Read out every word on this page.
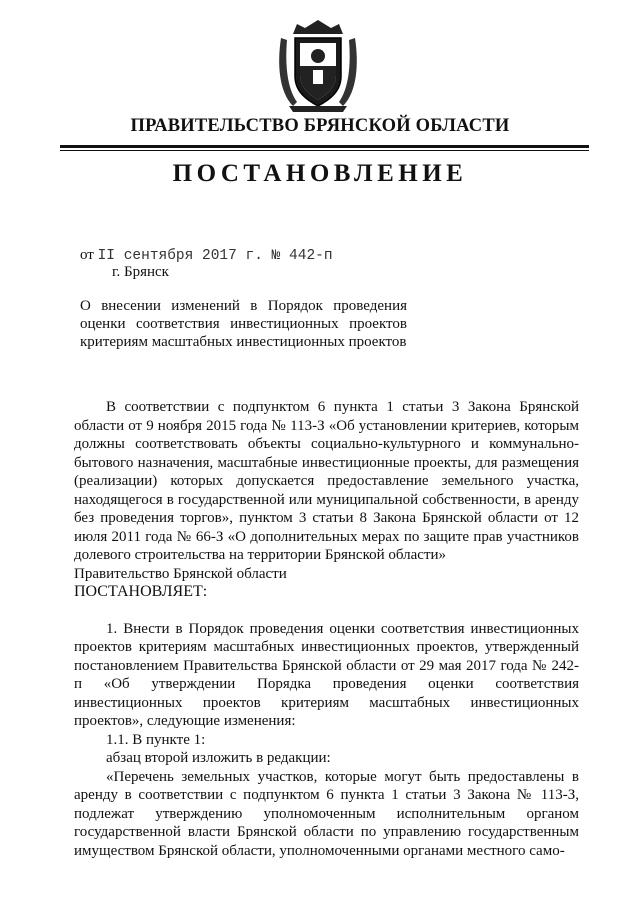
ПРАВИТЕЛЬСТВО БРЯНСКОЙ ОБЛАСТИ
ПОСТАНОВЛЕНИЕ
от II сентября 2017 г. № 442-п
г. Брянск
О внесении изменений в Порядок проведения оценки соответствия инвестиционных проектов критериям масштабных инвестиционных проектов

В соответствии с подпунктом 6 пункта 1 статьи 3 Закона Брянской области от 9 ноября 2015 года № 113-З «Об установлении критериев, которым должны соответствовать объекты социально-культурного и коммунально-бытового назначения, масштабные инвестиционные проекты, для размещения (реализации) которых допускается предоставление земельного участка, находящегося в государственной или муниципальной собственности, в аренду без проведения торгов», пунктом 3 статьи 8 Закона Брянской области от 12 июля 2011 года № 66-З «О дополнительных мерах по защите прав участников долевого строительства на территории Брянской области»

Правительство Брянской области

ПОСТАНОВЛЯЕТ:

1. Внести в Порядок проведения оценки соответствия инвестиционных проектов критериям масштабных инвестиционных проектов, утвержденный постановлением Правительства Брянской области от 29 мая 2017 года № 242-п «Об утверждении Порядка проведения оценки соответствия инвестиционных проектов критериям масштабных инвестиционных проектов», следующие изменения:

1.1. В пункте 1:

абзац второй изложить в редакции:

«Перечень земельных участков, которые могут быть предоставлены в аренду в соответствии с подпунктом 6 пункта 1 статьи 3 Закона № 113-З, подлежат утверждению уполномоченным исполнительным органом государственной власти Брянской области по управлению государственным имуществом Брянской области, уполномоченными органами местного само-
